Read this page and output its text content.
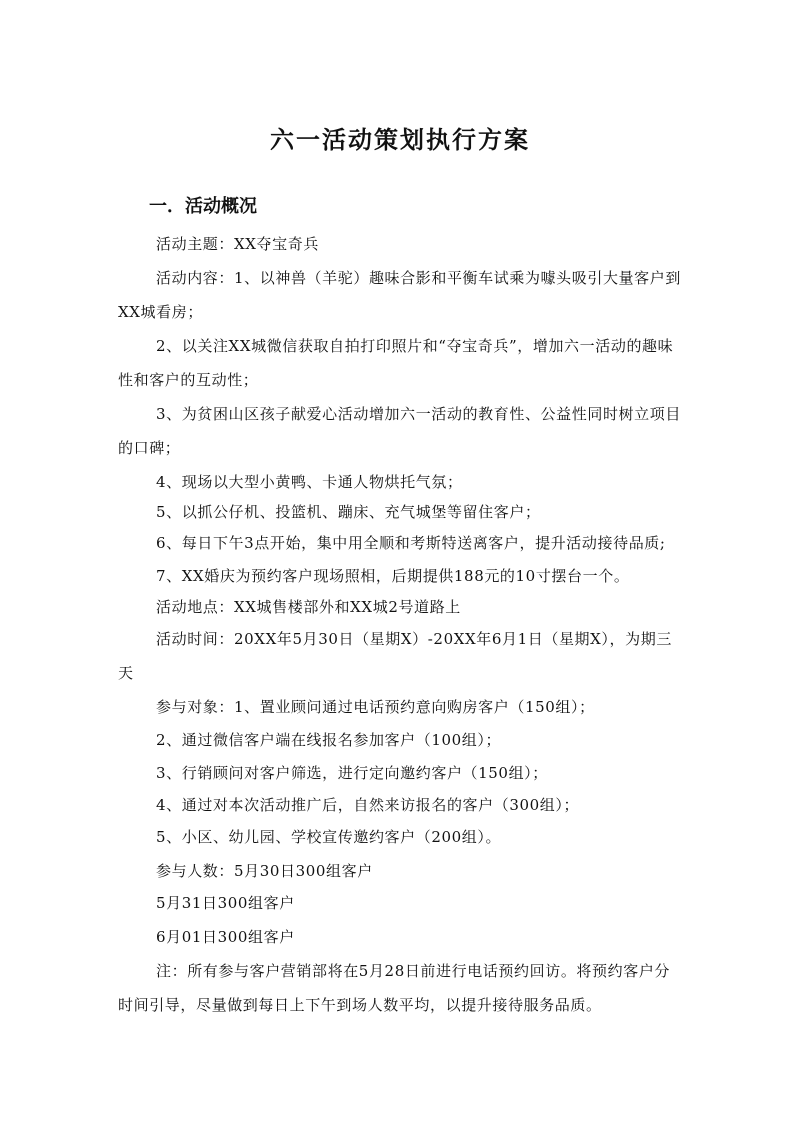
六一活动策划执行方案
一．活动概况

活动主题：XX夺宝奇兵

活动内容：1、以神兽（羊驼）趣味合影和平衡车试乘为噱头吸引大量客户到XX城看房；

2、以关注XX城微信获取自拍打印照片和“夺宝奇兵”，增加六一活动的趣味性和客户的互动性；

3、为贫困山区孩子献爱心活动增加六一活动的教育性、公益性同时树立项目的口碑；

4、现场以大型小黄鸭、卡通人物烘托气氛；

5、以抓公仔机、投篮机、蹦床、充气城堡等留住客户；

6、每日下午3点开始，集中用全顺和考斯特送离客户，提升活动接待品质;

7、XX婚庆为预约客户现场照相，后期提供188元的10寸摆台一个。

活动地点：XX城售楼部外和XX城2号道路上

活动时间：20XX年5月30日（星期X）-20XX年6月1日（星期X），为期三天

参与对象：1、置业顾问通过电话预约意向购房客户（150组）；

2、通过微信客户端在线报名参加客户（100组）；

3、行销顾问对客户筛选，进行定向邀约客户（150组）；

4、通过对本次活动推广后，自然来访报名的客户（300组）；

5、小区、幼儿园、学校宣传邀约客户（200组）。

参与人数：5月30日300组客户

5月31日300组客户

6月01日300组客户

注：所有参与客户营销部将在5月28日前进行电话预约回访。将预约客户分时间引导，尽量做到每日上下午到场人数平均，以提升接待服务品质。
